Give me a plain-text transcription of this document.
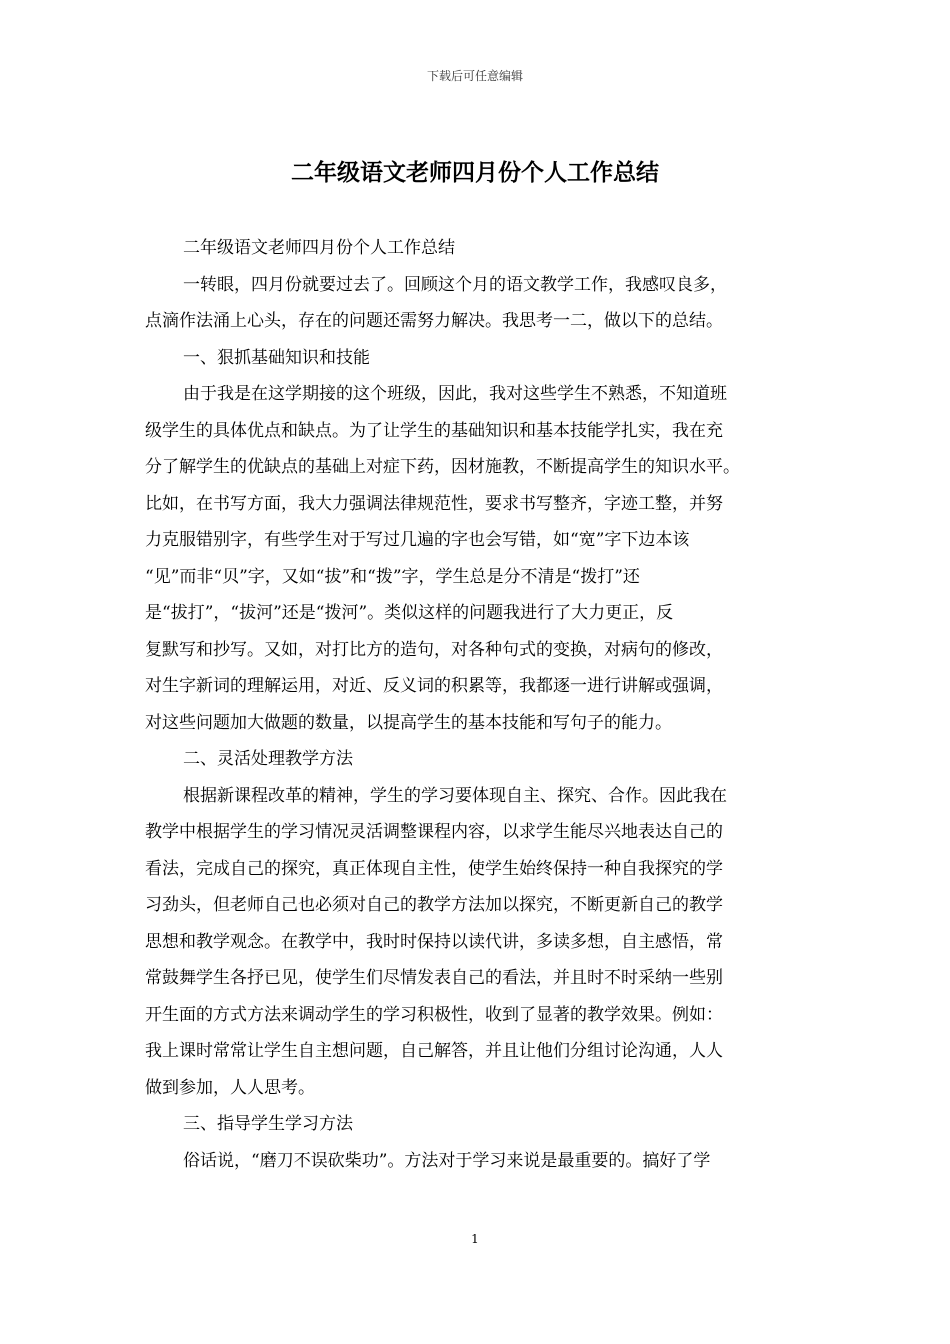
下载后可任意编辑
二年级语文老师四月份个人工作总结
二年级语文老师四月份个人工作总结
一转眼，四月份就要过去了。回顾这个月的语文教学工作，我感叹良多，
点滴作法涌上心头，存在的问题还需努力解决。我思考一二，做以下的总结。
一、狠抓基础知识和技能
由于我是在这学期接的这个班级，因此，我对这些学生不熟悉，不知道班
级学生的具体优点和缺点。为了让学生的基础知识和基本技能学扎实，我在充
分了解学生的优缺点的基础上对症下药，因材施教，不断提高学生的知识水平。
比如，在书写方面，我大力强调法律规范性，要求书写整齐，字迹工整，并努
力克服错别字，有些学生对于写过几遍的字也会写错，如“宽”字下边本该
“见”而非“贝”字，又如“拔”和“拨”字，学生总是分不清是“拨打”还
是“拔打”，“拔河”还是“拨河”。类似这样的问题我进行了大力更正，反
复默写和抄写。又如，对打比方的造句，对各种句式的变换，对病句的修改，
对生字新词的理解运用，对近、反义词的积累等，我都逐一进行讲解或强调，
对这些问题加大做题的数量，以提高学生的基本技能和写句子的能力。
二、灵活处理教学方法
根据新课程改革的精神，学生的学习要体现自主、探究、合作。因此我在
教学中根据学生的学习情况灵活调整课程内容，以求学生能尽兴地表达自己的
看法，完成自己的探究，真正体现自主性，使学生始终保持一种自我探究的学
习劲头，但老师自己也必须对自己的教学方法加以探究，不断更新自己的教学
思想和教学观念。在教学中，我时时保持以读代讲，多读多想，自主感悟，常
常鼓舞学生各抒已见，使学生们尽情发表自己的看法，并且时不时采纳一些别
开生面的方式方法来调动学生的学习积极性，收到了显著的教学效果。例如：
我上课时常常让学生自主想问题，自己解答，并且让他们分组讨论沟通，人人
做到参加，人人思考。
三、指导学生学习方法
俗话说，“磨刀不误砍柴功”。方法对于学习来说是最重要的。搞好了学
1
